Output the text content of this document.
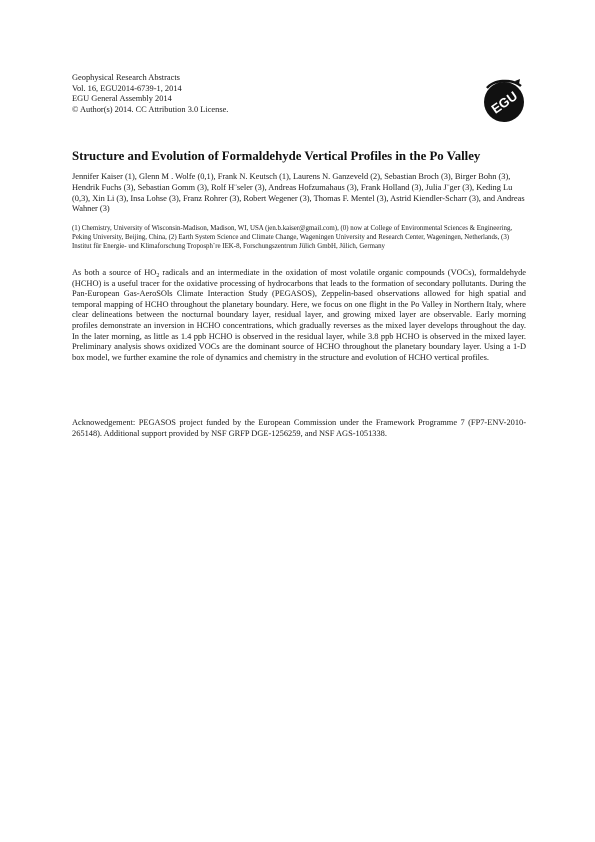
Geophysical Research Abstracts
Vol. 16, EGU2014-6739-1, 2014
EGU General Assembly 2014
© Author(s) 2014. CC Attribution 3.0 License.	EGU
Structure and Evolution of Formaldehyde Vertical Profiles in the Po Valley
Jennifer Kaiser (1), Glenn M . Wolfe (0,1), Frank N. Keutsch (1), Laurens N. Ganzeveld (2), Sebastian Broch (3), Birger Bohn (3), Hendrik Fuchs (3), Sebastian Gomm (3), Rolf H¨seler (3), Andreas Hofzumahaus (3), Frank Holland (3), Julia J¨ger (3), Keding Lu (0,3), Xin Li (3), Insa Lohse (3), Franz Rohrer (3), Robert Wegener (3), Thomas F. Mentel (3), Astrid Kiendler-Scharr (3), and Andreas Wahner (3)
(1) Chemistry, University of Wisconsin-Madison, Madison, WI, USA (jen.b.kaiser@gmail.com), (0) now at College of Environmental Sciences & Engineering, Peking University, Beijing, China, (2) Earth System Science and Climate Change, Wageningen University and Research Center, Wageningen, Netherlands, (3) Institut für Energie- und Klimaforschung Troposph¨re IEK-8, Forschungszentrum Jülich GmbH, Jülich, Germany
As both a source of $HO_2$ radicals and an intermediate in the oxidation of most volatile organic compounds (VOCs), formaldehyde (HCHO) is a useful tracer for the oxidative processing of hydrocarbons that leads to the formation of secondary pollutants. During the Pan-European Gas-AeroSOls Climate Interaction Study (PEGASOS), Zeppelin-based observations allowed for high spatial and temporal mapping of HCHO throughout the planetary boundary. Here, we focus on one flight in the Po Valley in Northern Italy, where clear delineations between the nocturnal boundary layer, residual layer, and growing mixed layer are observable. Early morning profiles demonstrate an inversion in HCHO concentrations, which gradually reverses as the mixed layer develops throughout the day. In the later morning, as little as 1.4 ppb HCHO is observed in the residual layer, while 3.8 ppb HCHO is observed in the mixed layer. Preliminary analysis shows oxidized VOCs are the dominant source of HCHO throughout the planetary boundary layer. Using a 1-D box model, we further examine the role of dynamics and chemistry in the structure and evolution of HCHO vertical profiles.
Acknowedgement: PEGASOS project funded by the European Commission under the Framework Programme 7 (FP7-ENV-2010-265148). Additional support provided by NSF GRFP DGE-1256259, and NSF AGS-1051338.
